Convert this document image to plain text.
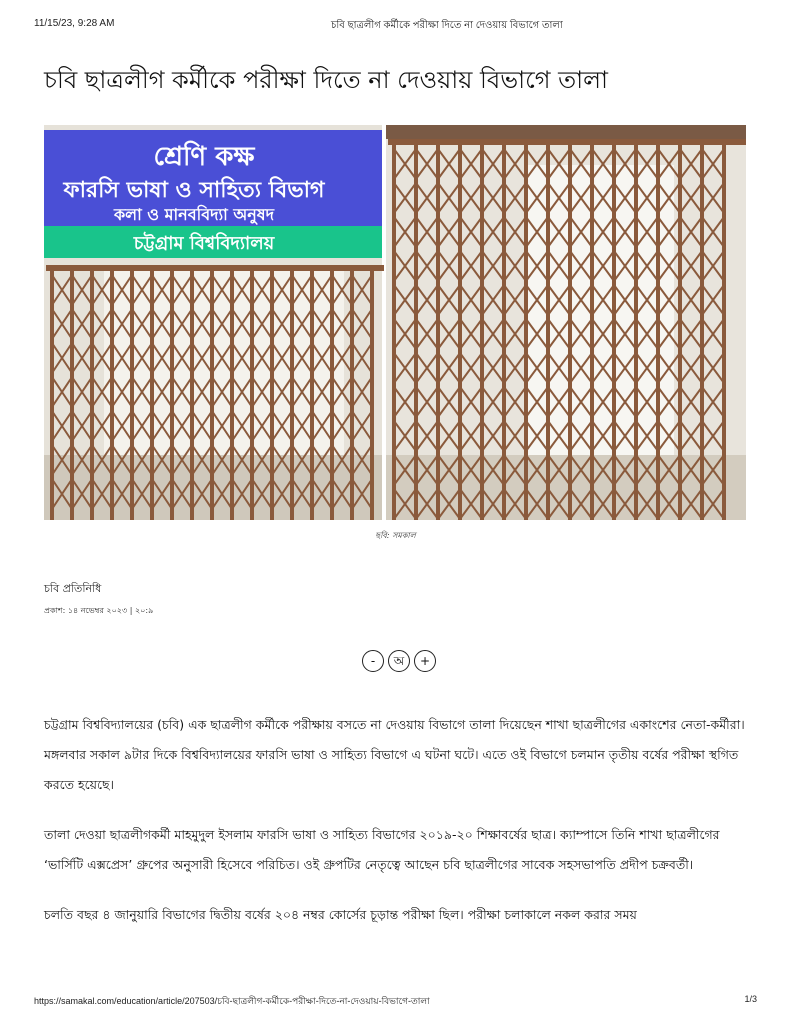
11/15/23, 9:28 AM	চবি ছাত্রলীগ কর্মীকে পরীক্ষা দিতে না দেওয়ায় বিভাগে তালা
চবি ছাত্রলীগ কর্মীকে পরীক্ষা দিতে না দেওয়ায় বিভাগে তালা
শ্রেণি কক্ষ
ফারসি ভাষা ও সাহিত্য বিভাগ
কলা ও মানববিদ্যা অনুষদ
চট্টগ্রাম বিশ্ববিদ্যালয়
ছবি: সমকাল
চবি প্রতিনিধি
প্রকাশ: ১৪ নভেম্বর ২০২৩ | ২০:৯
-	অ	+

চট্টগ্রাম বিশ্ববিদ্যালয়ের (চবি) এক ছাত্রলীগ কর্মীকে পরীক্ষায় বসতে না দেওয়ায় বিভাগে তালা দিয়েছেন শাখা ছাত্রলীগের একাংশের নেতা-কর্মীরা। মঙ্গলবার সকাল ৯টার দিকে বিশ্ববিদ্যালয়ের ফারসি ভাষা ও সাহিত্য বিভাগে এ ঘটনা ঘটে। এতে ওই বিভাগে চলমান তৃতীয় বর্ষের পরীক্ষা স্থগিত করতে হয়েছে।

তালা দেওয়া ছাত্রলীগকর্মী মাহমুদুল ইসলাম ফারসি ভাষা ও সাহিত্য বিভাগের ২০১৯-২০ শিক্ষাবর্ষের ছাত্র। ক্যাম্পাসে তিনি শাখা ছাত্রলীগের ‘ভার্সিটি এক্সপ্রেস’ গ্রুপের অনুসারী হিসেবে পরিচিত। ওই গ্রুপটির নেতৃত্বে আছেন চবি ছাত্রলীগের সাবেক সহসভাপতি প্রদীপ চক্রবর্তী।

চলতি বছর ৪ জানুয়ারি বিভাগের দ্বিতীয় বর্ষের ২০৪ নম্বর কোর্সের চূড়ান্ত পরীক্ষা ছিল। পরীক্ষা চলাকালে নকল করার সময়

https://samakal.com/education/article/207503/চবি-ছাত্রলীগ-কর্মীকে-পরীক্ষা-দিতে-না-দেওয়ায়-বিভাগে-তালা	1/3
